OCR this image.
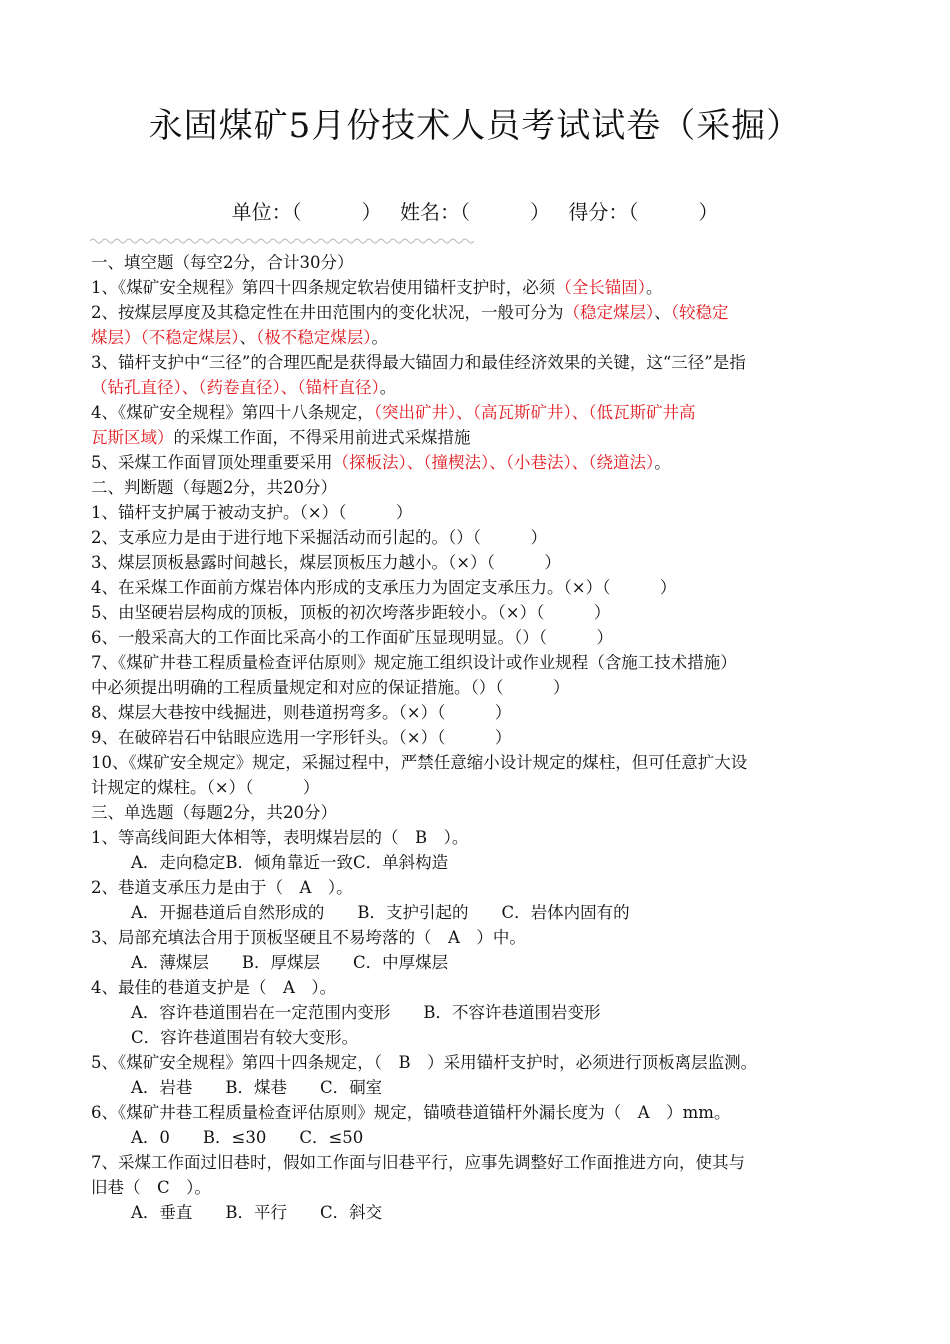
永固煤矿5月份技术人员考试试卷（采掘）
单位：（　　　）　 姓名：（　　　）　 得分：（　　　）
一、填空题（每空2分，合计30分）
1、《煤矿安全规程》第四十四条规定软岩使用锚杆支护时，必须（全长锚固）。
2、按煤层厚度及其稳定性在井田范围内的变化状况，一般可分为（稳定煤层）、（较稳定
煤层）（不稳定煤层）、（极不稳定煤层）。
3、锚杆支护中“三径”的合理匹配是获得最大锚固力和最佳经济效果的关键，这“三径”是指
（钻孔直径）、（药卷直径）、（锚杆直径）。
4、《煤矿安全规程》第四十八条规定，（突出矿井）、（高瓦斯矿井）、（低瓦斯矿井高
瓦斯区域）的采煤工作面，不得采用前进式采煤措施
5、采煤工作面冒顶处理重要采用（探板法）、（撞楔法）、（小巷法）、（绕道法）。
二、判断题（每题2分，共20分）
1、锚杆支护属于被动支护。（×）（　　　）
2、支承应力是由于进行地下采掘活动而引起的。（）（　　　）
3、煤层顶板悬露时间越长，煤层顶板压力越小。（×）（　　　）
4、在采煤工作面前方煤岩体内形成的支承压力为固定支承压力。（×）（　　　）
5、由坚硬岩层构成的顶板，顶板的初次垮落步距较小。（×）（　　　）
6、一般采高大的工作面比采高小的工作面矿压显现明显。（）（　　　）
7、《煤矿井巷工程质量检查评估原则》规定施工组织设计或作业规程（含施工技术措施）
中必须提出明确的工程质量规定和对应的保证措施。（）（　　　）
8、煤层大巷按中线掘进，则巷道拐弯多。（×）（　　　）
9、在破碎岩石中钻眼应选用一字形钎头。（×）（　　　）
10、《煤矿安全规定》规定，采掘过程中，严禁任意缩小设计规定的煤柱，但可任意扩大设
计规定的煤柱。（×）（　　　）
三、单选题（每题2分，共20分）
1、等高线间距大体相等，表明煤岩层的（　B　）。
A．走向稳定B．倾角靠近一致C．单斜构造
2、巷道支承压力是由于（　A　）。
A．开掘巷道后自然形成的　　B．支护引起的　　C．岩体内固有的
3、局部充填法合用于顶板坚硬且不易垮落的（　A　）中。
A．薄煤层　　B．厚煤层　　C．中厚煤层
4、最佳的巷道支护是（　A　）。
A．容许巷道围岩在一定范围内变形　　B．不容许巷道围岩变形
C．容许巷道围岩有较大变形。
5、《煤矿安全规程》第四十四条规定，（　B　）采用锚杆支护时，必须进行顶板离层监测。
A．岩巷　　B．煤巷　　C．硐室
6、《煤矿井巷工程质量检查评估原则》规定，锚喷巷道锚杆外漏长度为（　A　）mm。
A．0　　B．≤30　　C．≤50
7、采煤工作面过旧巷时，假如工作面与旧巷平行，应事先调整好工作面推进方向，使其与
旧巷（　C　）。
A．垂直　　B．平行　　C．斜交
